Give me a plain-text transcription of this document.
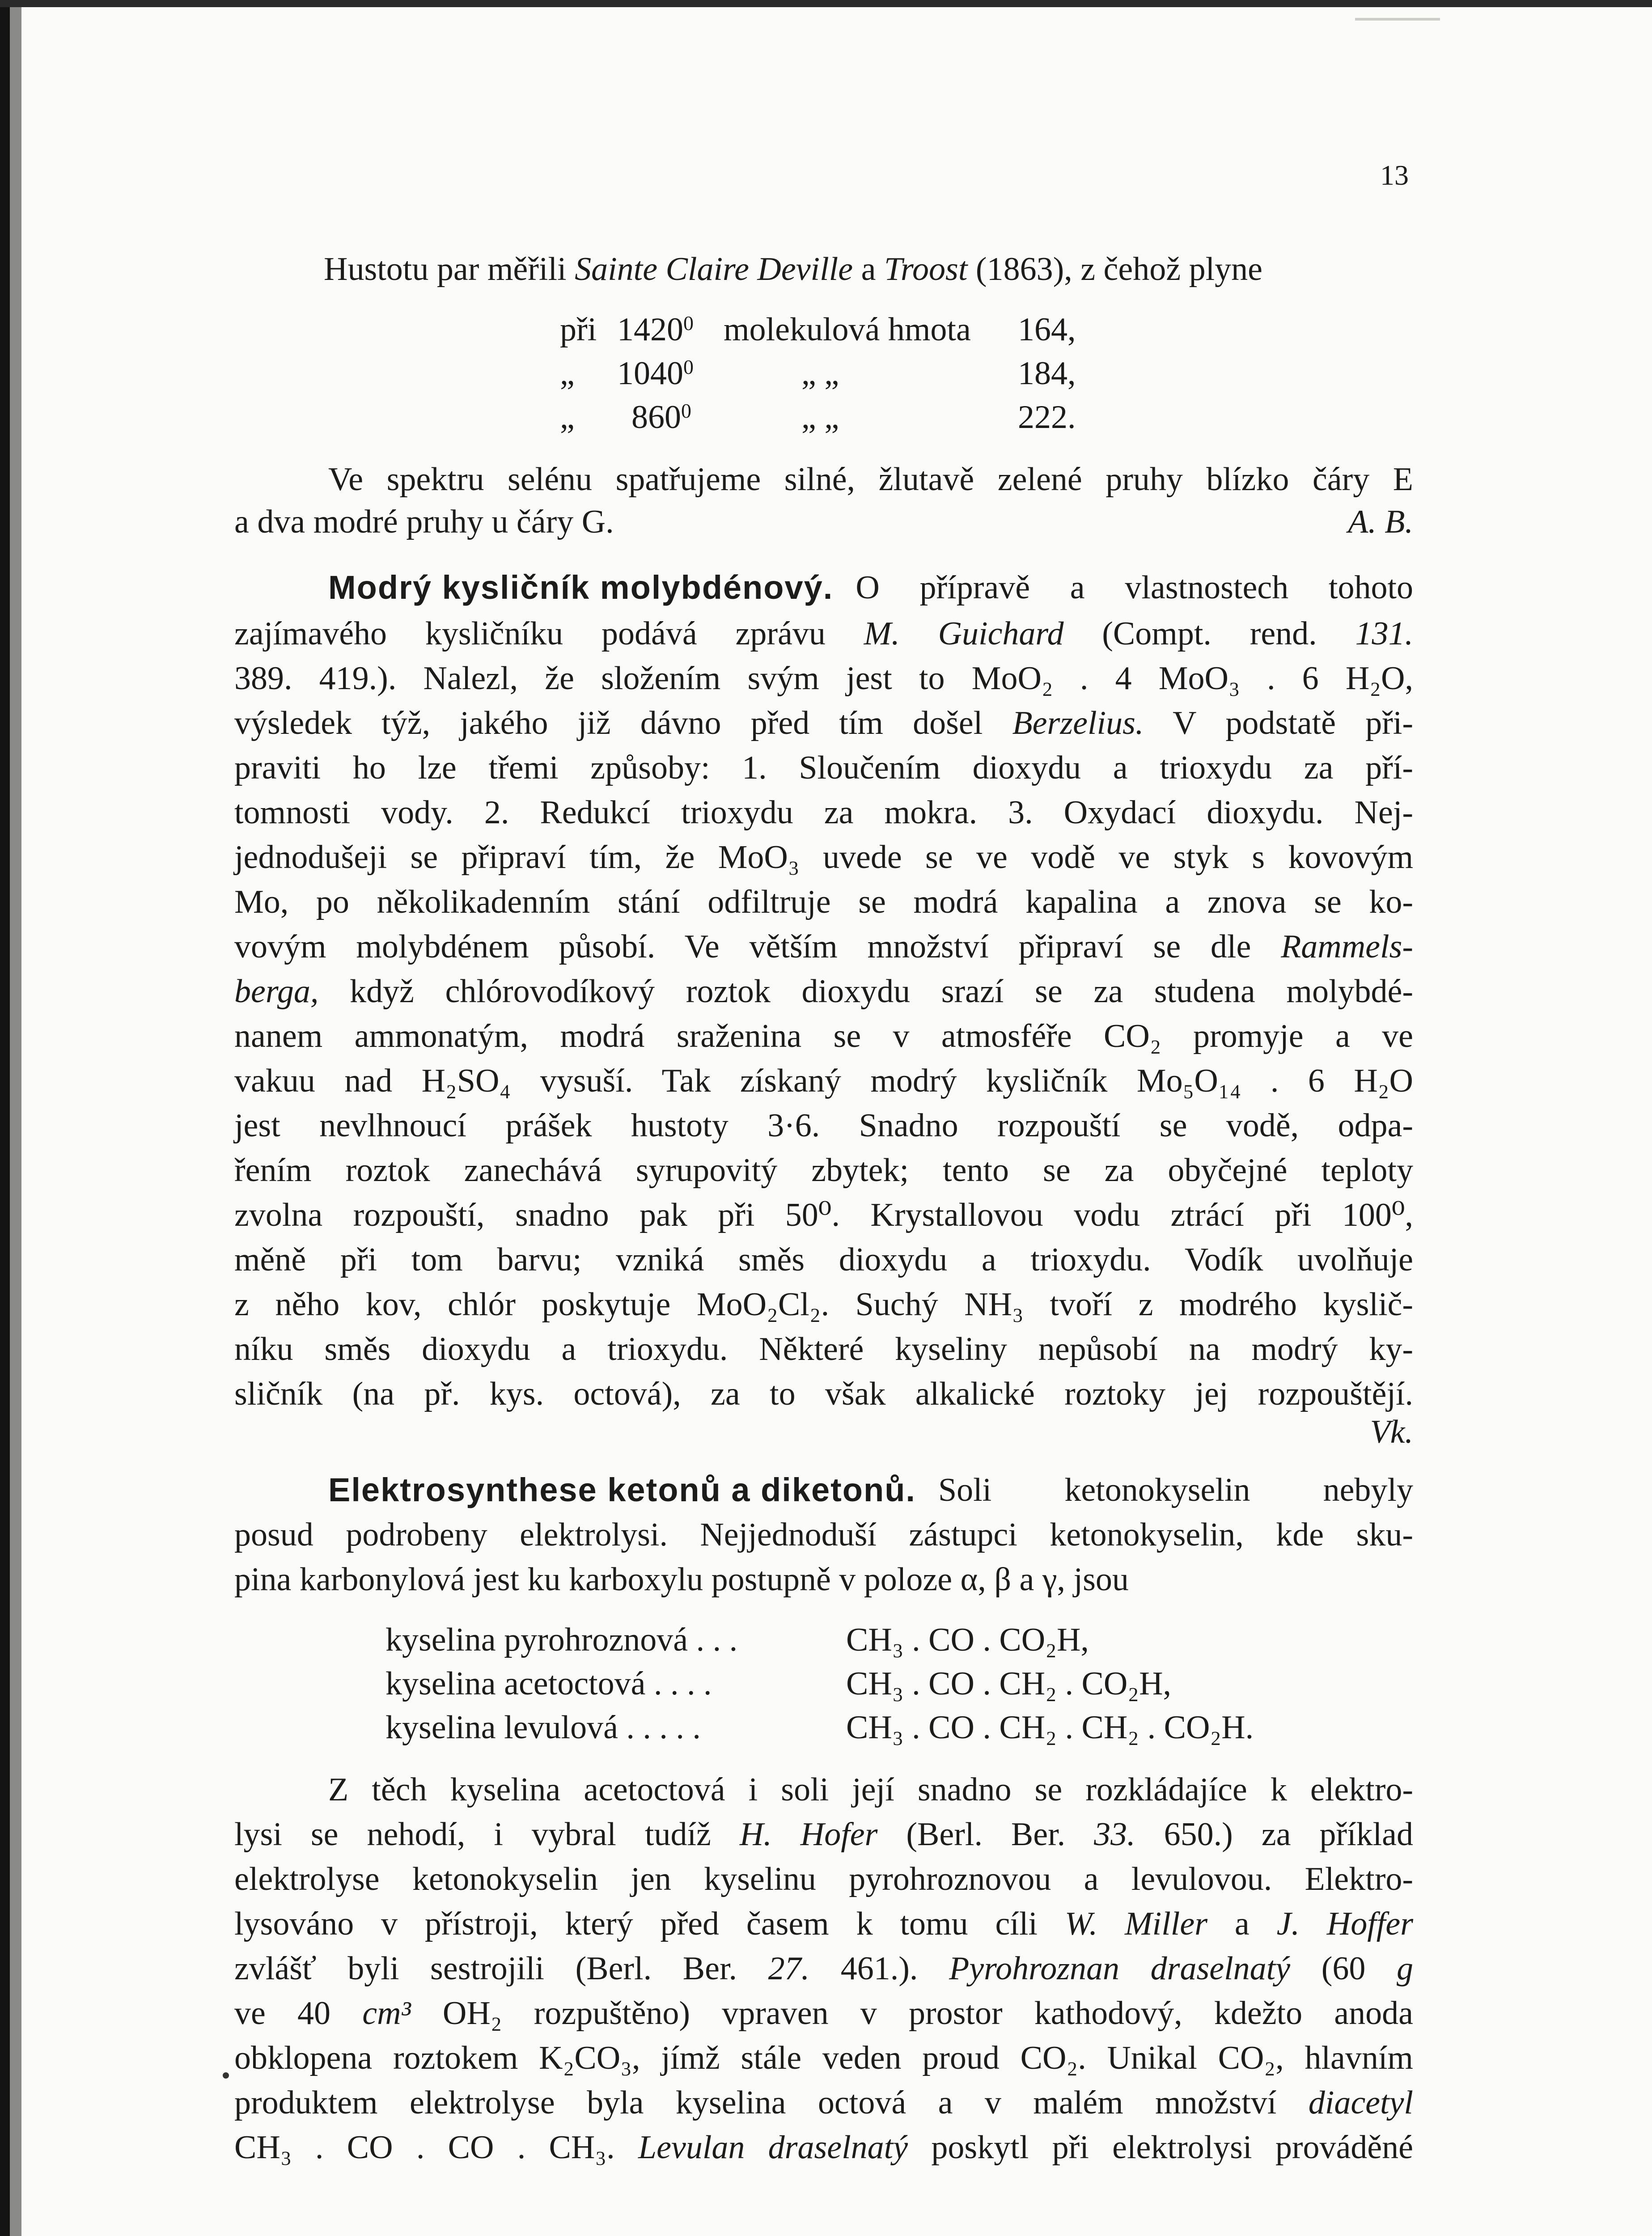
13
Hustotu par měřili Sainte Claire Deville a Troost (1863), z čehož plyne
při 1420$^0$ molekulová hmota 164,
„ 1040$^0$	„ „	184,
„ $860^0$	„ „	222.
Ve spektru selénu spatřujeme silné, žlutavě zelené pruhy blízko čáry E
a dva modré pruhy u čáry G.	A. B.
Modrý kysličník molybdénový. O přípravě a vlastnostech tohoto
zajímavého kysličníku podává zprávu M. Guichard (Compt. rend. 131.
389. 419.). Nalezl, že složením svým jest to MoO₂ . 4 MoO₃ . 6 H₂O,
výsledek týž, jakého již dávno před tím došel Berzelius. V podstatě při-
praviti ho lze třemi způsoby: 1. Sloučením dioxydu a trioxydu za pří-
tomnosti vody. 2. Redukcí trioxydu za mokra. 3. Oxydací dioxydu. Nej-
jednodušeji se připraví tím, že MoO₃ uvede se ve vodě ve styk s kovovým
Mo, po několikadenním stání odfiltruje se modrá kapalina a znova se ko-
vovým molybdénem působí. Ve větším množství připraví se dle Rammels-
berga, když chlórovodíkový roztok dioxydu srazí se za studena molybdé-
nanem ammonatým, modrá sraženina se v atmosféře CO₂ promyje a ve
vakuu nad H₂SO₄ vysuší. Tak získaný modrý kysličník Mo₅O₁₄ . 6 H₂O
jest nevlhnoucí prášek hustoty 3·6. Snadno rozpouští se vodě, odpa-
řením roztok zanechává syrupovitý zbytek; tento se za obyčejné teploty
zvolna rozpouští, snadno pak při 50⁰. Krystallovou vodu ztrácí při 100⁰,
měně při tom barvu; vzniká směs dioxydu a trioxydu. Vodík uvolňuje
z něho kov, chlór poskytuje MoO₂Cl₂. Suchý NH₃ tvoří z modrého kyslič-
níku směs dioxydu a trioxydu. Některé kyseliny nepůsobí na modrý ky-
sličník (na př. kys. octová), za to však alkalické roztoky jej rozpouštějí.
Vk.
Elektrosynthese ketonů a diketonů. Soli ketonokyselin nebyly
posud podrobeny elektrolysi. Nejjednoduší zástupci ketonokyselin, kde sku-
pina karbonylová jest ku karboxylu postupně v poloze α, β a γ, jsou
kyselina pyrohroznová . . .	CH₃ . CO . CO₂H,
kyselina acetoctová . . . .	CH₃ . CO . CH₂ . CO₂H,
kyselina levulová . . . . .	CH₃ . CO . CH₂ . CH₂ . CO₂H.
Z těch kyselina acetoctová i soli její snadno se rozkládajíce k elektro-
lysi se nehodí, i vybral tudíž H. Hofer (Berl. Ber. 33. 650.) za příklad
elektrolyse ketonokyselin jen kyselinu pyrohroznovou a levulovou. Elektro-
lysováno v přístroji, který před časem k tomu cíli W. Miller a J. Hoffer
zvlášť byli sestrojili (Berl. Ber. 27. 461.). Pyrohroznan draselnatý (60 g
ve 40 cm³ OH₂ rozpuštěno) vpraven v prostor kathodový, kdežto anoda
obklopena roztokem K₂CO₃, jímž stále veden proud CO₂. Unikal CO₂, hlavním
produktem elektrolyse byla kyselina octová a v malém množství diacetyl
CH₃ . CO . CO . CH₃. Levulan draselnatý poskytl při elektrolysi prováděné
